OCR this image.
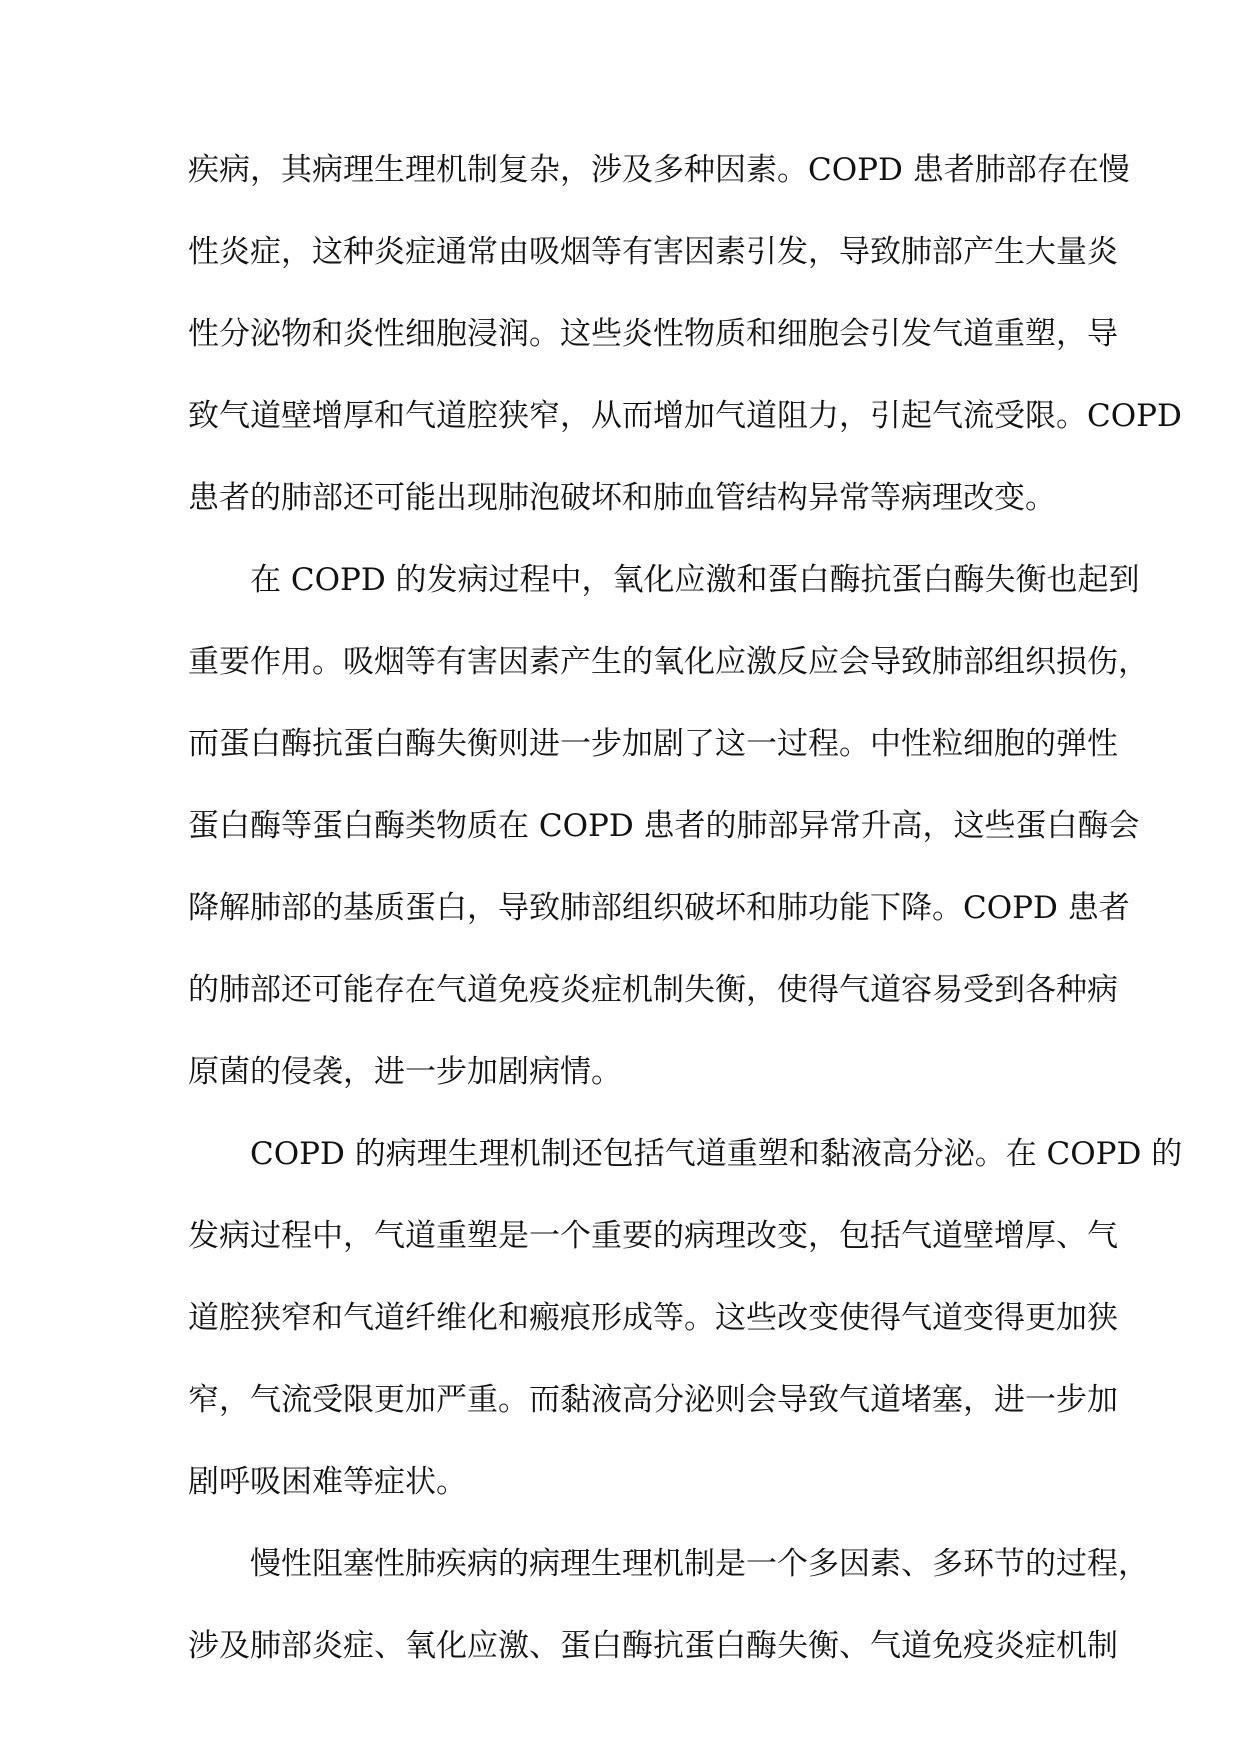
疾病，其病理生理机制复杂，涉及多种因素。COPD 患者肺部存在慢
性炎症，这种炎症通常由吸烟等有害因素引发，导致肺部产生大量炎
性分泌物和炎性细胞浸润。这些炎性物质和细胞会引发气道重塑，导
致气道壁增厚和气道腔狭窄，从而增加气道阻力，引起气流受限。COPD
患者的肺部还可能出现肺泡破坏和肺血管结构异常等病理改变。
在 COPD 的发病过程中，氧化应激和蛋白酶抗蛋白酶失衡也起到
重要作用。吸烟等有害因素产生的氧化应激反应会导致肺部组织损伤，
而蛋白酶抗蛋白酶失衡则进一步加剧了这一过程。中性粒细胞的弹性
蛋白酶等蛋白酶类物质在 COPD 患者的肺部异常升高，这些蛋白酶会
降解肺部的基质蛋白，导致肺部组织破坏和肺功能下降。COPD 患者
的肺部还可能存在气道免疫炎症机制失衡，使得气道容易受到各种病
原菌的侵袭，进一步加剧病情。
COPD 的病理生理机制还包括气道重塑和黏液高分泌。在 COPD 的
发病过程中，气道重塑是一个重要的病理改变，包括气道壁增厚、气
道腔狭窄和气道纤维化和瘢痕形成等。这些改变使得气道变得更加狭
窄，气流受限更加严重。而黏液高分泌则会导致气道堵塞，进一步加
剧呼吸困难等症状。
慢性阻塞性肺疾病的病理生理机制是一个多因素、多环节的过程，
涉及肺部炎症、氧化应激、蛋白酶抗蛋白酶失衡、气道免疫炎症机制
